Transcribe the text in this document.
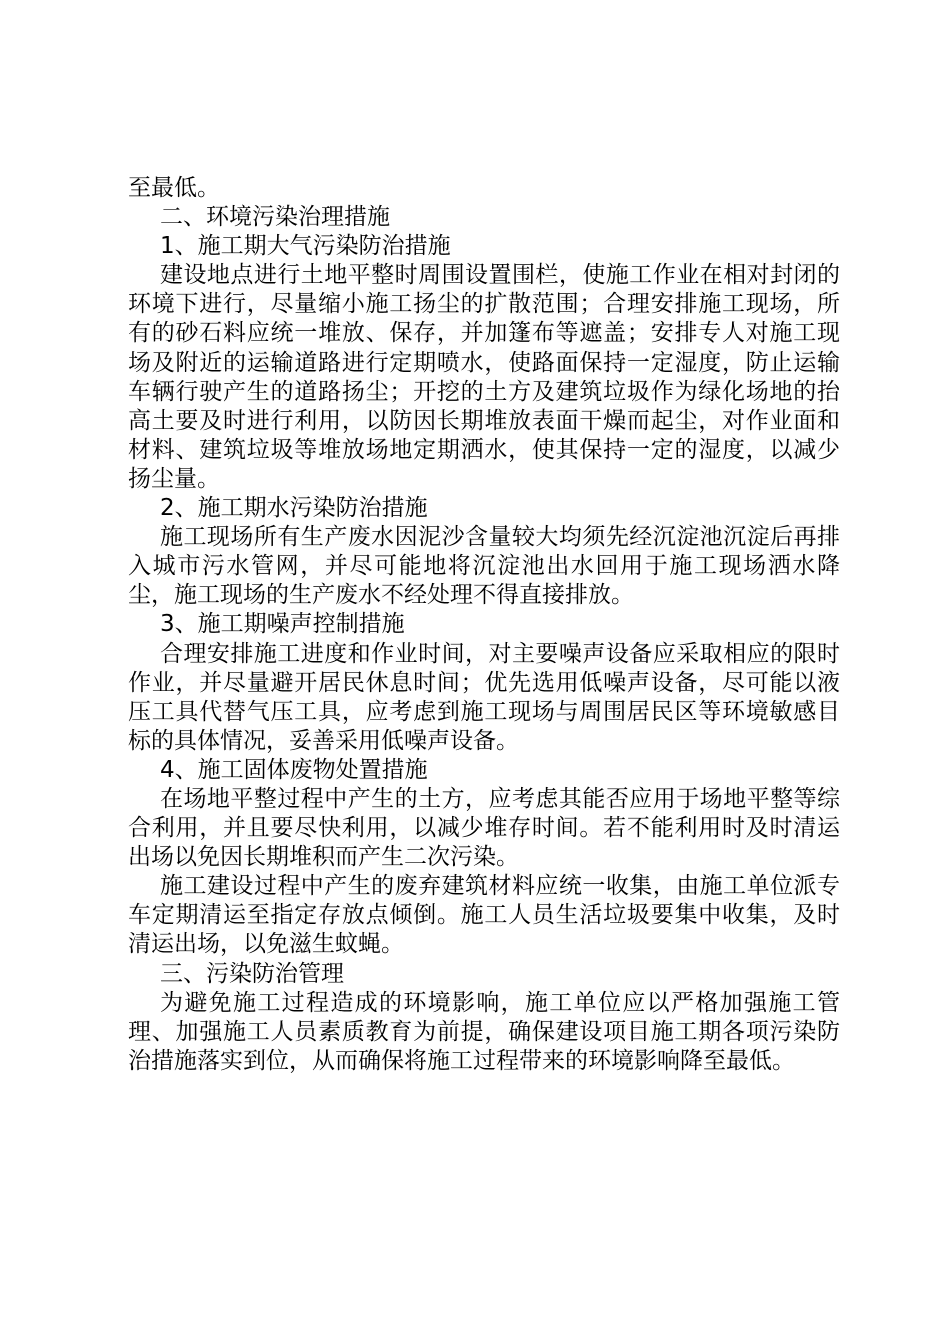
至最低。

二、环境污染治理措施

1、施工期大气污染防治措施

建设地点进行土地平整时周围设置围栏，使施工作业在相对封闭的环境下进行，尽量缩小施工扬尘的扩散范围；合理安排施工现场，所有的砂石料应统一堆放、保存，并加篷布等遮盖；安排专人对施工现场及附近的运输道路进行定期喷水，使路面保持一定湿度，防止运输车辆行驶产生的道路扬尘；开挖的土方及建筑垃圾作为绿化场地的抬高土要及时进行利用，以防因长期堆放表面干燥而起尘，对作业面和材料、建筑垃圾等堆放场地定期洒水，使其保持一定的湿度，以减少扬尘量。

2、施工期水污染防治措施

施工现场所有生产废水因泥沙含量较大均须先经沉淀池沉淀后再排入城市污水管网，并尽可能地将沉淀池出水回用于施工现场洒水降尘，施工现场的生产废水不经处理不得直接排放。

3、施工期噪声控制措施

合理安排施工进度和作业时间，对主要噪声设备应采取相应的限时作业，并尽量避开居民休息时间；优先选用低噪声设备，尽可能以液压工具代替气压工具，应考虑到施工现场与周围居民区等环境敏感目标的具体情况，妥善采用低噪声设备。

4、施工固体废物处置措施

在场地平整过程中产生的土方，应考虑其能否应用于场地平整等综合利用，并且要尽快利用，以减少堆存时间。若不能利用时及时清运出场以免因长期堆积而产生二次污染。

施工建设过程中产生的废弃建筑材料应统一收集，由施工单位派专车定期清运至指定存放点倾倒。施工人员生活垃圾要集中收集，及时清运出场，以免滋生蚊蝇。

三、污染防治管理

为避免施工过程造成的环境影响，施工单位应以严格加强施工管理、加强施工人员素质教育为前提，确保建设项目施工期各项污染防治措施落实到位，从而确保将施工过程带来的环境影响降至最低。
